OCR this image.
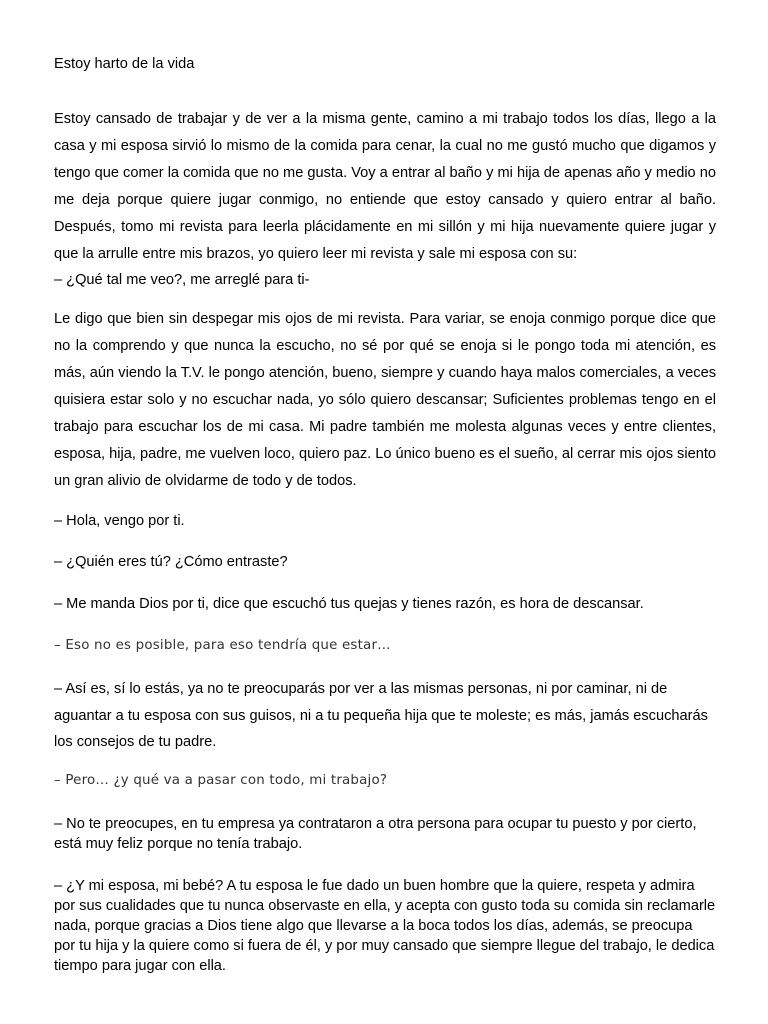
Estoy harto de la vida

Estoy cansado de trabajar y de ver a la misma gente, camino a mi trabajo todos los días, llego a la casa y mi esposa sirvió lo mismo de la comida para cenar, la cual no me gustó mucho que digamos y tengo que comer la comida que no me gusta. Voy a entrar al baño y mi hija de apenas año y medio no me deja porque quiere jugar conmigo, no entiende que estoy cansado y quiero entrar al baño. Después, tomo mi revista para leerla plácidamente en mi sillón y mi hija nuevamente quiere jugar y que la arrulle entre mis brazos, yo quiero leer mi revista y sale mi esposa con su:
– ¿Qué tal me veo?, me arreglé para ti-

Le digo que bien sin despegar mis ojos de mi revista. Para variar, se enoja conmigo porque dice que no la comprendo y que nunca la escucho, no sé por qué se enoja si le pongo toda mi atención, es más, aún viendo la T.V. le pongo atención, bueno, siempre y cuando haya malos comerciales, a veces quisiera estar solo y no escuchar nada, yo sólo quiero descansar; Suficientes problemas tengo en el trabajo para escuchar los de mi casa. Mi padre también me molesta algunas veces y entre clientes, esposa, hija, padre, me vuelven loco, quiero paz. Lo único bueno es el sueño, al cerrar mis ojos siento un gran alivio de olvidarme de todo y de todos.

– Hola, vengo por ti.

– ¿Quién eres tú? ¿Cómo entraste?

– Me manda Dios por ti, dice que escuchó tus quejas y tienes razón, es hora de descansar.

– Eso no es posible, para eso tendría que estar…

– Así es, sí lo estás, ya no te preocuparás por ver a las mismas personas, ni por caminar, ni de aguantar a tu esposa con sus guisos, ni a tu pequeña hija que te moleste; es más, jamás escucharás los consejos de tu padre.

– Pero… ¿y qué va a pasar con todo, mi trabajo?

– No te preocupes, en tu empresa ya contrataron a otra persona para ocupar tu puesto y por cierto, está muy feliz porque no tenía trabajo.

– ¿Y mi esposa, mi bebé? A tu esposa le fue dado un buen hombre que la quiere, respeta y admira por sus cualidades que tu nunca observaste en ella, y acepta con gusto toda su comida sin reclamarle nada, porque gracias a Dios tiene algo que llevarse a la boca todos los días, además, se preocupa por tu hija y la quiere como si fuera de él, y por muy cansado que siempre llegue del trabajo, le dedica tiempo para jugar con ella.
